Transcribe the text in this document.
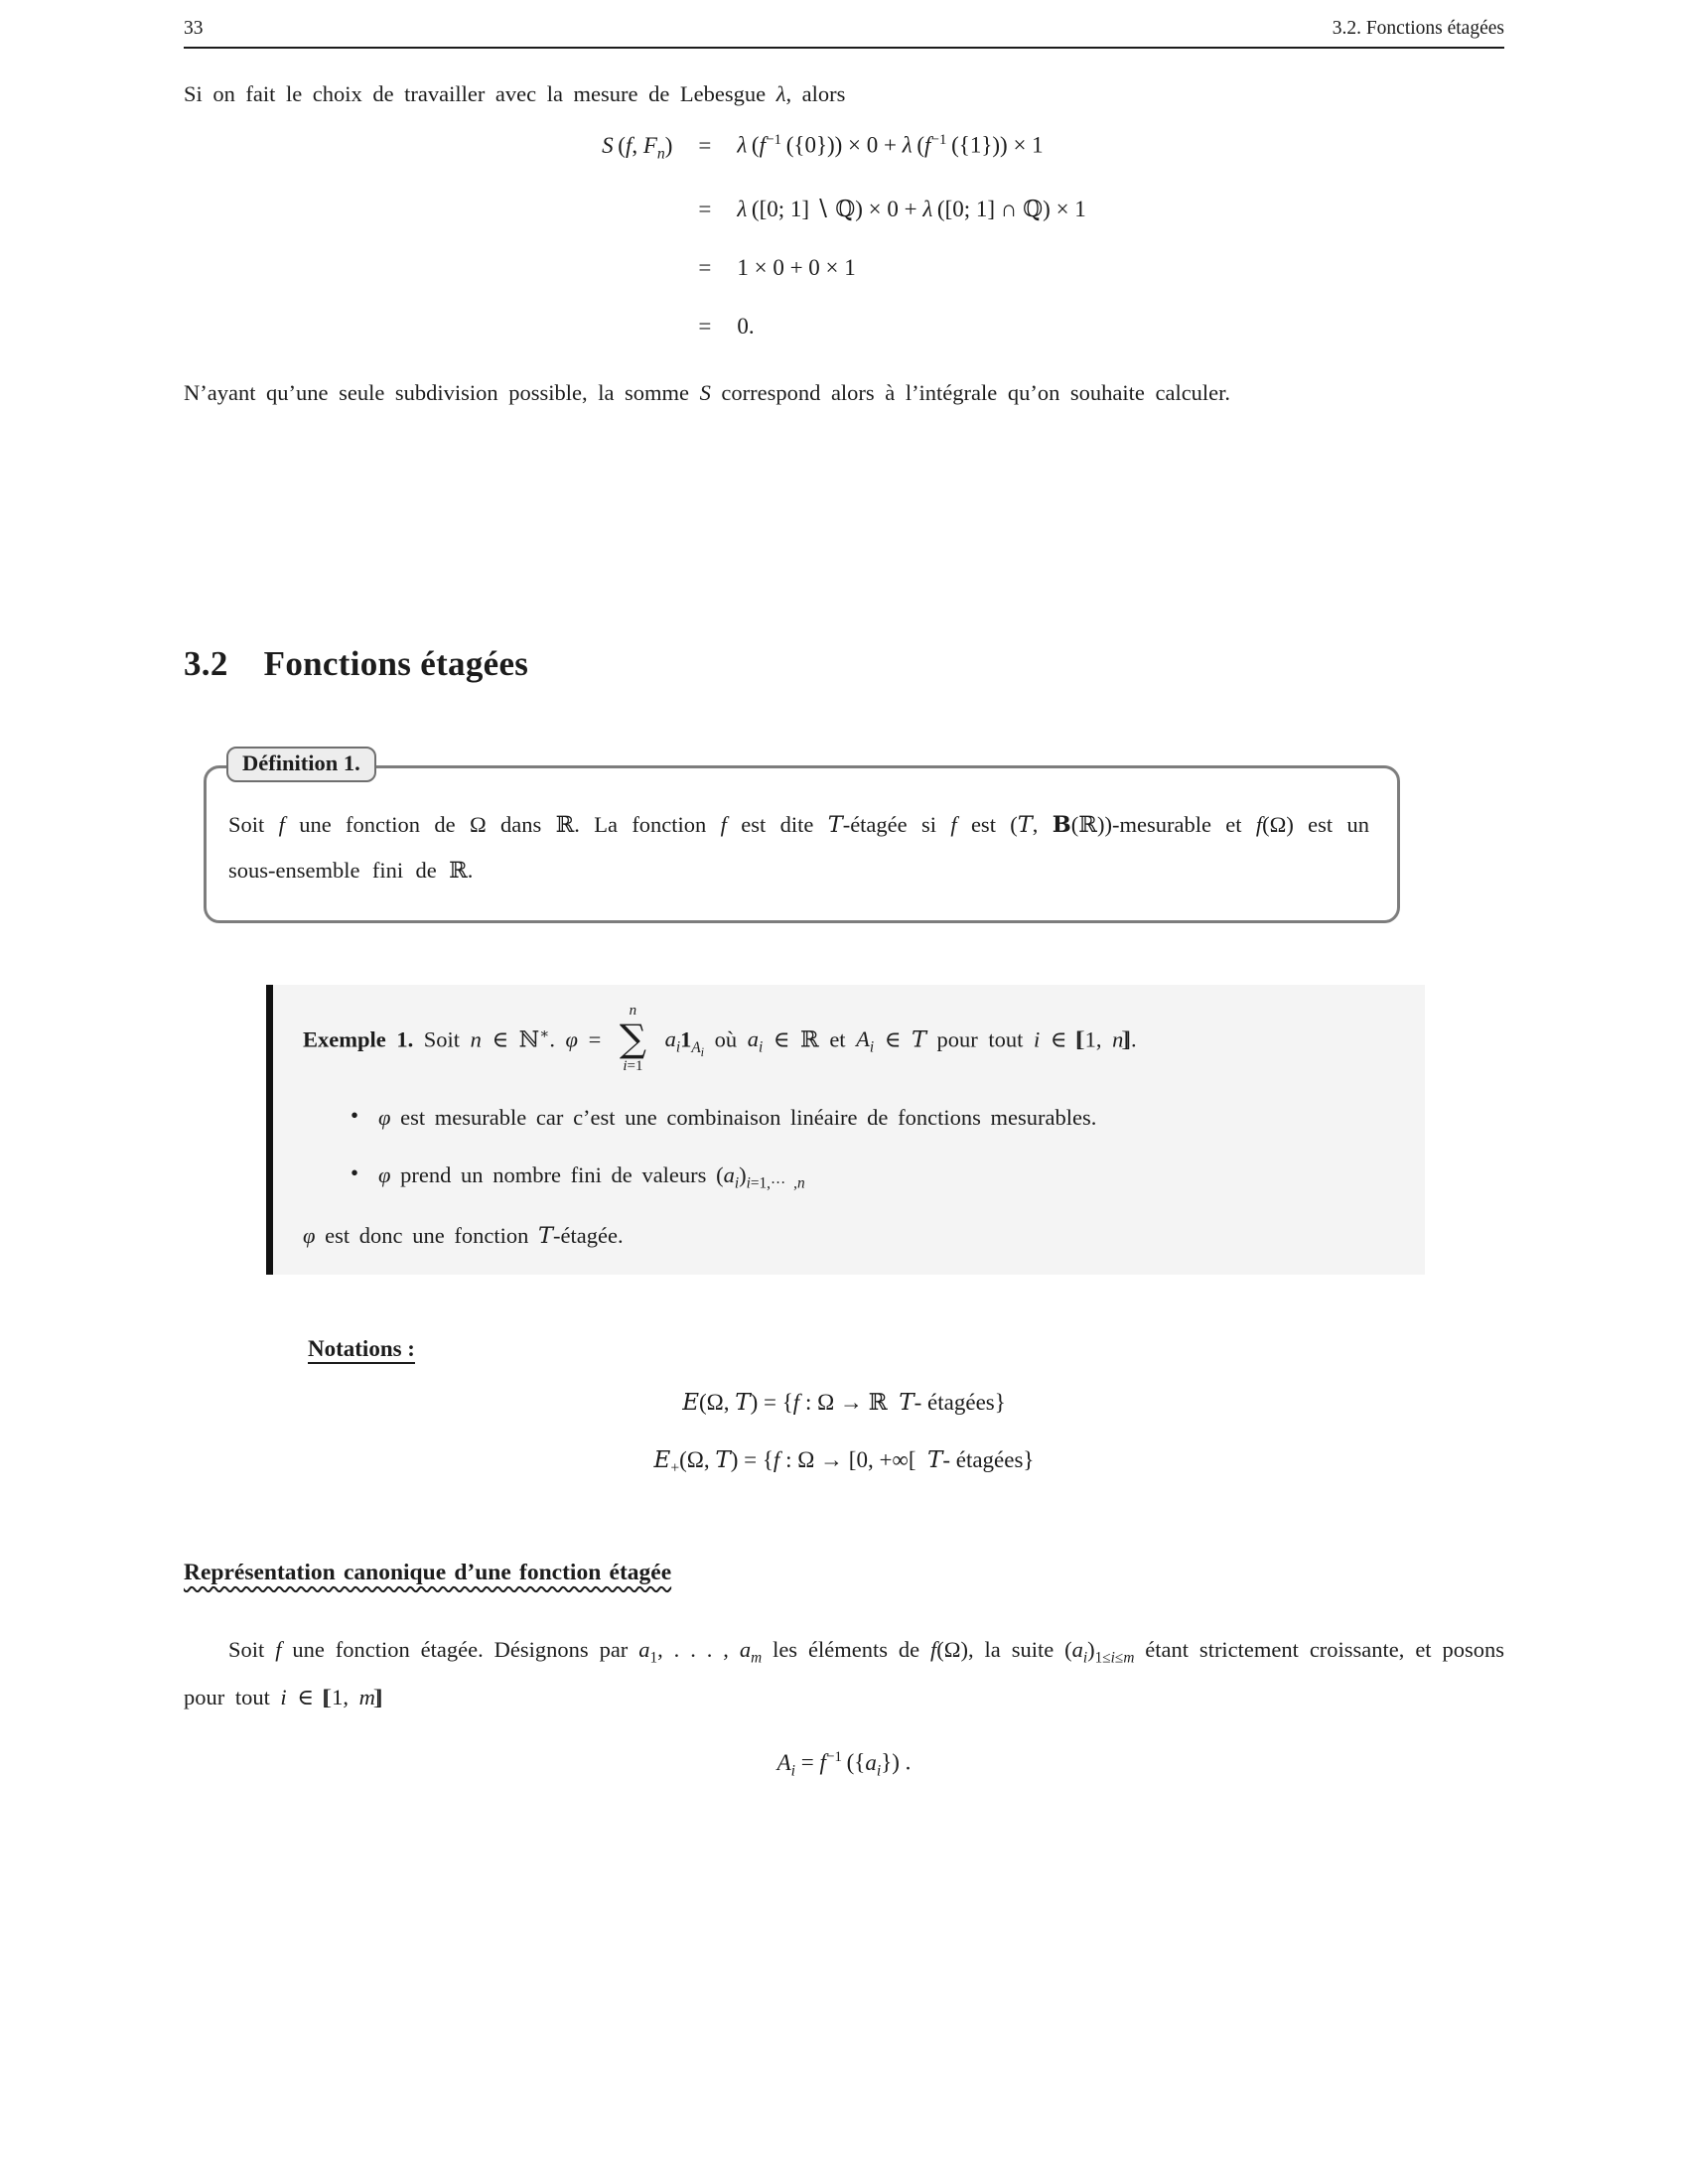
33	3.2. Fonctions étagées

Si on fait le choix de travailler avec la mesure de Lebesgue λ, alors

S (f, $F_n) = \lambda$ ($f^{-1}$ ({0})) × 0 + λ ($f^{-1}$ ({1})) × 1
= λ ([0; 1] ∖ ℚ) × 0 + λ ([0; 1] ∩ ℚ) × 1
= 1 × 0 + 0 × 1
= 0.

N’ayant qu’une seule subdivision possible, la somme S correspond alors à l’intégrale qu’on souhaite calculer.

3.2 Fonctions étagées
Définition 1.
Soit f une fonction de Ω dans ℝ. La fonction f est dite T-étagée si f est (T, B(ℝ))-mesurable et f(Ω) est un sous-ensemble fini de ℝ.

Exemple 1. Soit n ∈ ℕ∗. φ =
n
∑
i=1
$a_i1_{A_i}$ où $a_i$ ∈ ℝ et $A_i$ ∈ T pour tout i ∈ 1, n .

• φ est mesurable car c’est une combinaison linéaire de fonctions mesurables.
• φ prend un nombre fini de valeurs $(a_i)_{i=1,\cdot\cdot\cdot ,n}$

φ est donc une fonction T-étagée.

Notations :
E(Ω, T) = {f : Ω → ℝ T- étagées}
$E_+(\Omega$, T) = {f : Ω → [0, +∞[ T- étagées}
Représentation canonique d’une fonction étagée

Soit f une fonction étagée. Désignons par $a_1$, . . . , $a_m$ les éléments de f(Ω), la suite $(a_i)_{1\le i\le m}$ étant strictement croissante, et posons pour tout i ∈ 1, m

$A_i = f^{-1}$ $(\{a_i\})$ .
